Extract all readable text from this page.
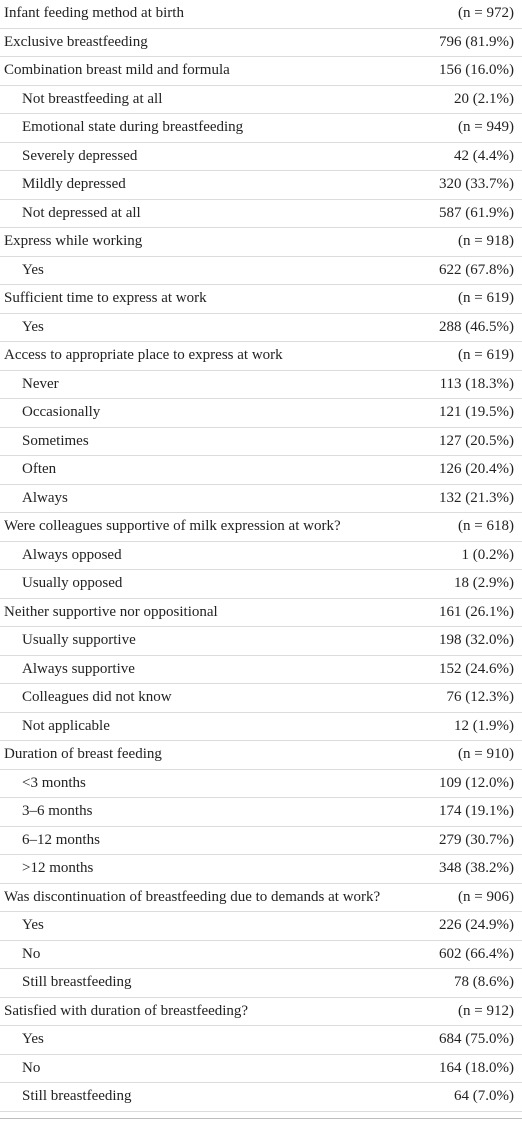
Infant feeding method at birth	(n = 972)
Exclusive breastfeeding	796 (81.9%)
Combination breast mild and formula	156 (16.0%)
Not breastfeeding at all	20 (2.1%)
Emotional state during breastfeeding	(n = 949)
Severely depressed	42 (4.4%)
Mildly depressed	320 (33.7%)
Not depressed at all	587 (61.9%)
Express while working	(n = 918)
Yes	622 (67.8%)
Sufficient time to express at work	(n = 619)
Yes	288 (46.5%)
Access to appropriate place to express at work	(n = 619)
Never	113 (18.3%)
Occasionally	121 (19.5%)
Sometimes	127 (20.5%)
Often	126 (20.4%)
Always	132 (21.3%)
Were colleagues supportive of milk expression at work?	(n = 618)
Always opposed	1 (0.2%)
Usually opposed	18 (2.9%)
Neither supportive nor oppositional	161 (26.1%)
Usually supportive	198 (32.0%)
Always supportive	152 (24.6%)
Colleagues did not know	76 (12.3%)
Not applicable	12 (1.9%)
Duration of breast feeding	(n = 910)
<3 months	109 (12.0%)
3–6 months	174 (19.1%)
6–12 months	279 (30.7%)
>12 months	348 (38.2%)
Was discontinuation of breastfeeding due to demands at work?	(n = 906)
Yes	226 (24.9%)
No	602 (66.4%)
Still breastfeeding	78 (8.6%)
Satisfied with duration of breastfeeding?	(n = 912)
Yes	684 (75.0%)
No	164 (18.0%)
Still breastfeeding	64 (7.0%)
